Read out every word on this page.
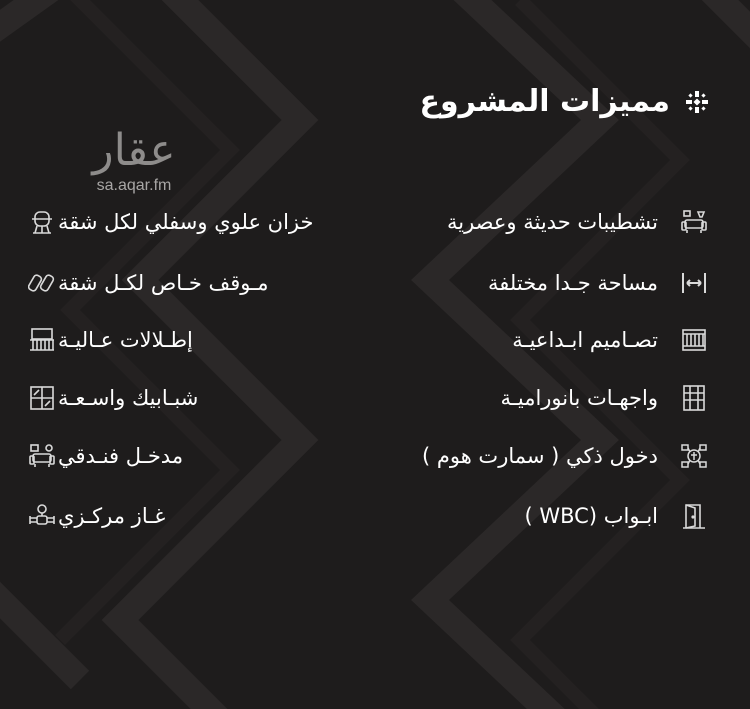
مميزات المشروع
عقار
sa.aqar.fm
تشطيبات حديثة وعصرية
مساحة جـدا مختلفة
تصـاميم ابـداعيـة
واجهـات بانوراميـة
دخول ذكي ( سمارت هوم )
ابـواب (WBC )
خزان علوي وسفلي لكل شقة
مـوقف خـاص لكـل شقة
إطـلالات عـاليـة
شبـابيك واسـعـة
مدخـل فنـدقي
غـاز مركـزي
